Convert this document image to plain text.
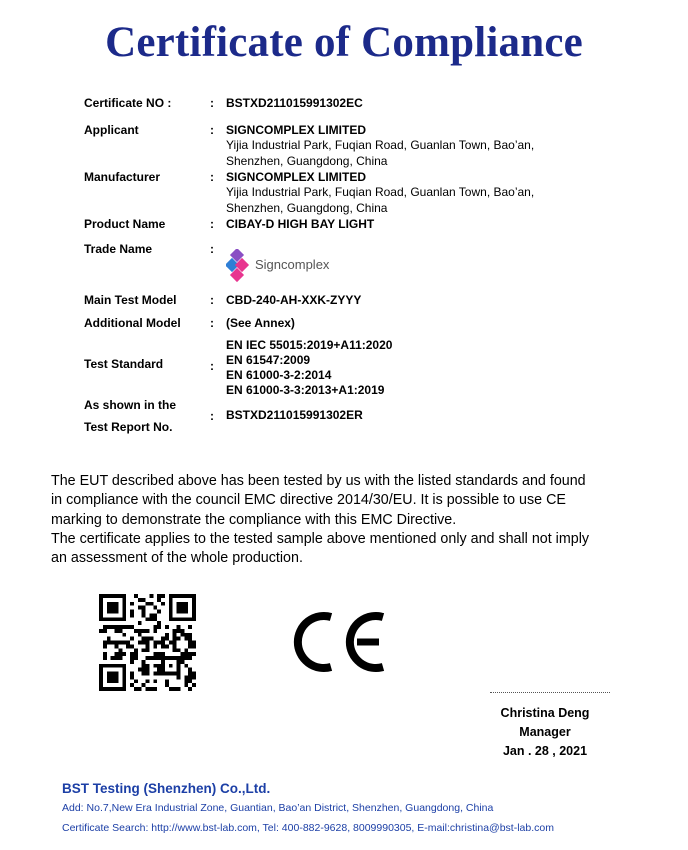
Certificate of Compliance
Certificate NO :	: BSTXD211015991302EC
Applicant	: SIGNCOMPLEX LIMITED
Yijia Industrial Park, Fuqian Road, Guanlan Town, Bao’an,
Shenzhen, Guangdong, China
Manufacturer	: SIGNCOMPLEX LIMITED
Yijia Industrial Park, Fuqian Road, Guanlan Town, Bao’an,
Shenzhen, Guangdong, China
Product Name	: CIBAY-D HIGH BAY LIGHT
Trade Name	:
Signcomplex
Main Test Model	: CBD-240-AH-XXK-ZYYY
Additional Model : (See Annex)
Test Standard	:
EN IEC 55015:2019+A11:2020
EN 61547:2009
EN 61000-3-2:2014
EN 61000-3-3:2013+A1:2019
As shown in the
Test Report No.
: BSTXD211015991302ER

The EUT described above has been tested by us with the listed standards and found

in compliance with the council EMC directive 2014/30/EU. It is possible to use CE

marking to demonstrate the compliance with this EMC Directive.

The certificate applies to the tested sample above mentioned only and shall not imply

an assessment of the whole production.

Christina Deng
Manager
Jan . 28 , 2021
BST Testing (Shenzhen) Co.,Ltd.
Add: No.7,New Era Industrial Zone, Guantian, Bao’an District, Shenzhen, Guangdong, China
Certificate Search: http://www.bst-lab.com, Tel: 400-882-9628, 8009990305, E-mail:christina@bst-lab.com
